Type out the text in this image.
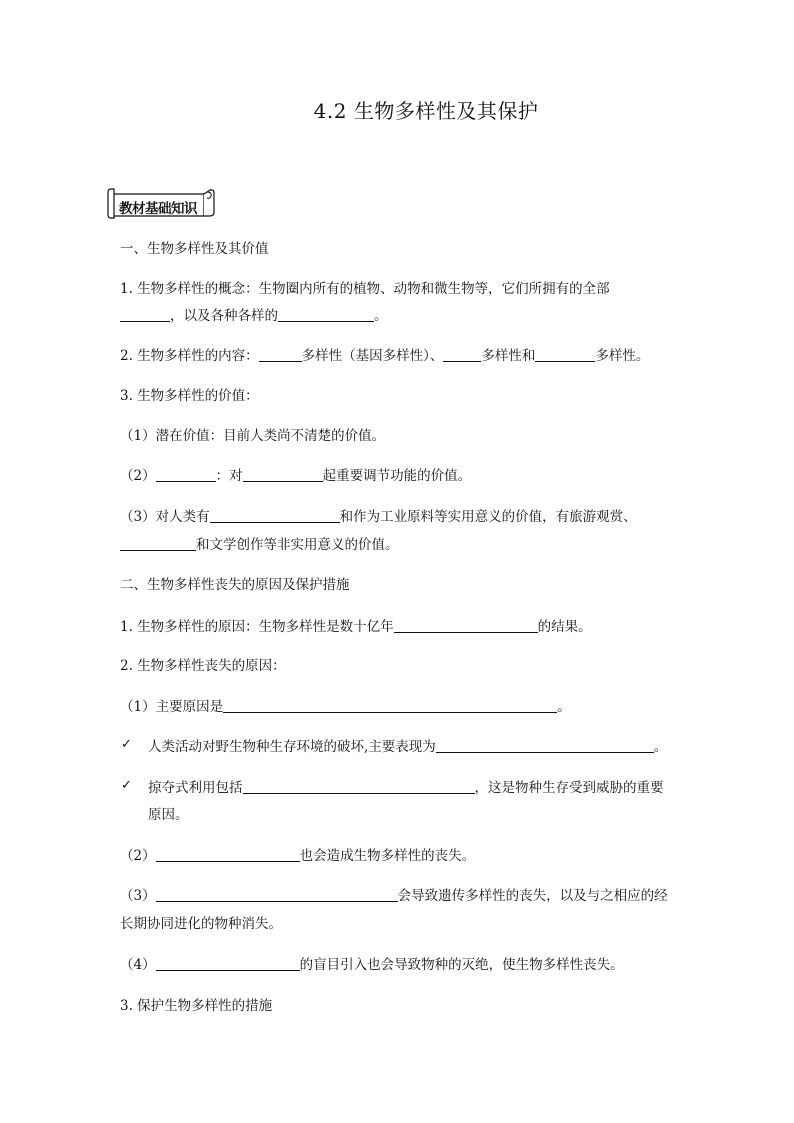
4.2 生物多样性及其保护
教材基础知识
一、生物多样性及其价值
1. 生物多样性的概念：生物圈内所有的植物、动物和微生物等，它们所拥有的全部
，以及各种各样的	。
2. 生物多样性的内容：	多样性（基因多样性）、	多样性和	多样性。
3. 生物多样性的价值：
（1）潜在价值：目前人类尚不清楚的价值。
（2）	：对	起重要调节功能的价值。
（3）对人类有	和作为工业原料等实用意义的价值，有旅游观赏、
和文学创作等非实用意义的价值。
二、生物多样性丧失的原因及保护措施
1. 生物多样性的原因：生物多样性是数十亿年	的结果。
2. 生物多样性丧失的原因：
（1）主要原因是	。
✓ 人类活动对野生物种生存环境的破坏,主要表现为	。
✓ 掠夺式利用包括	，这是物种生存受到威胁的重要
原因。
（2）	也会造成生物多样性的丧失。
（3）	会导致遗传多样性的丧失，以及与之相应的经
长期协同进化的物种消失。
（4）	的盲目引入也会导致物种的灭绝，使生物多样性丧失。
3. 保护生物多样性的措施
